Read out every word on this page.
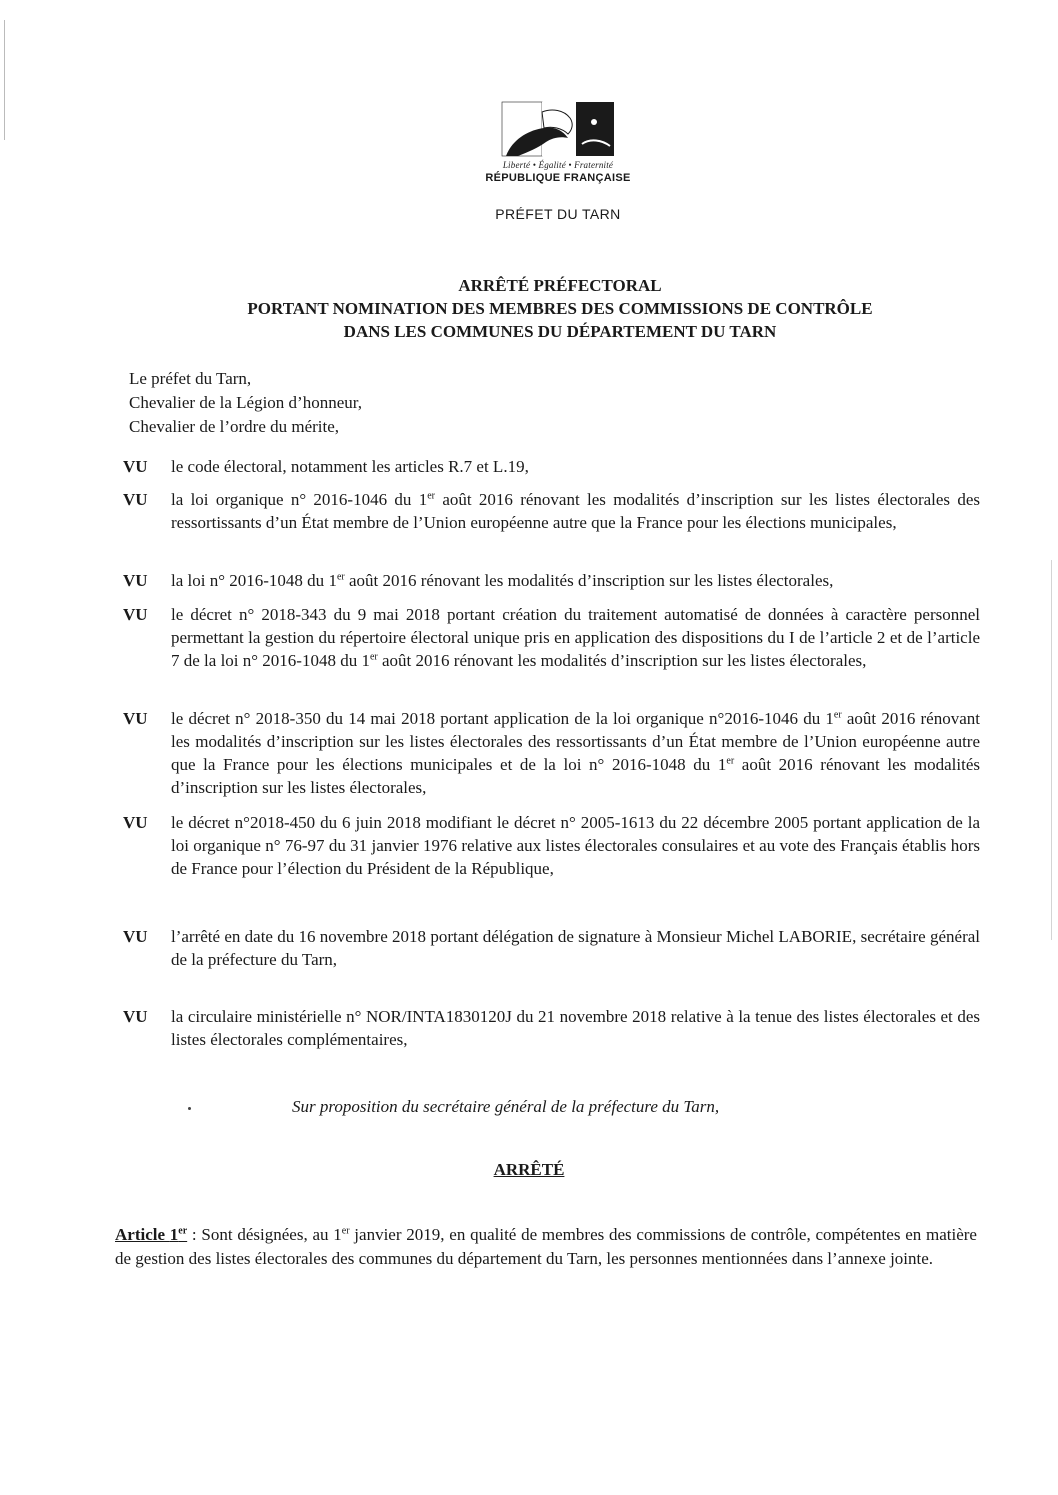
Liberté • Égalité • Fraternité
RÉPUBLIQUE FRANÇAISE
PRÉFET DU TARN
ARRÊTÉ PRÉFECTORAL
PORTANT NOMINATION DES MEMBRES DES COMMISSIONS DE CONTRÔLE
DANS LES COMMUNES DU DÉPARTEMENT DU TARN
Le préfet du Tarn,
Chevalier de la Légion d’honneur,
Chevalier de l’ordre du mérite,
VU	le code électoral, notamment les articles R.7 et L.19,
VU	la loi organique n° 2016-1046 du 1er août 2016 rénovant les modalités d’inscription sur les listes électorales des ressortissants d’un État membre de l’Union européenne autre que la France pour les élections municipales,
VU	la loi n° 2016-1048 du 1er août 2016 rénovant les modalités d’inscription sur les listes électorales,
VU	le décret n° 2018-343 du 9 mai 2018 portant création du traitement automatisé de données à caractère personnel permettant la gestion du répertoire électoral unique pris en application des dispositions du I de l’article 2 et de l’article 7 de la loi n° 2016-1048 du 1er août 2016 rénovant les modalités d’inscription sur les listes électorales,
VU	le décret n° 2018-350 du 14 mai 2018 portant application de la loi organique n°2016-1046 du 1er août 2016 rénovant les modalités d’inscription sur les listes électorales des ressortissants d’un État membre de l’Union européenne autre que la France pour les élections municipales et de la loi n° 2016-1048 du 1er août 2016 rénovant les modalités d’inscription sur les listes électorales,
VU	le décret n°2018-450 du 6 juin 2018 modifiant le décret n° 2005-1613 du 22 décembre 2005 portant application de la loi organique n° 76-97 du 31 janvier 1976 relative aux listes électorales consulaires et au vote des Français établis hors de France pour l’élection du Président de la République,
VU	l’arrêté en date du 16 novembre 2018 portant délégation de signature à Monsieur Michel LABORIE, secrétaire général de la préfecture du Tarn,
VU	la circulaire ministérielle n° NOR/INTA1830120J du 21 novembre 2018 relative à la tenue des listes électorales et des listes électorales complémentaires,
Sur proposition du secrétaire général de la préfecture du Tarn,
ARRÊTÉ
Article 1er : Sont désignées, au 1er janvier 2019, en qualité de membres des commissions de contrôle, compétentes en matière de gestion des listes électorales des communes du département du Tarn, les personnes mentionnées dans l’annexe jointe.
